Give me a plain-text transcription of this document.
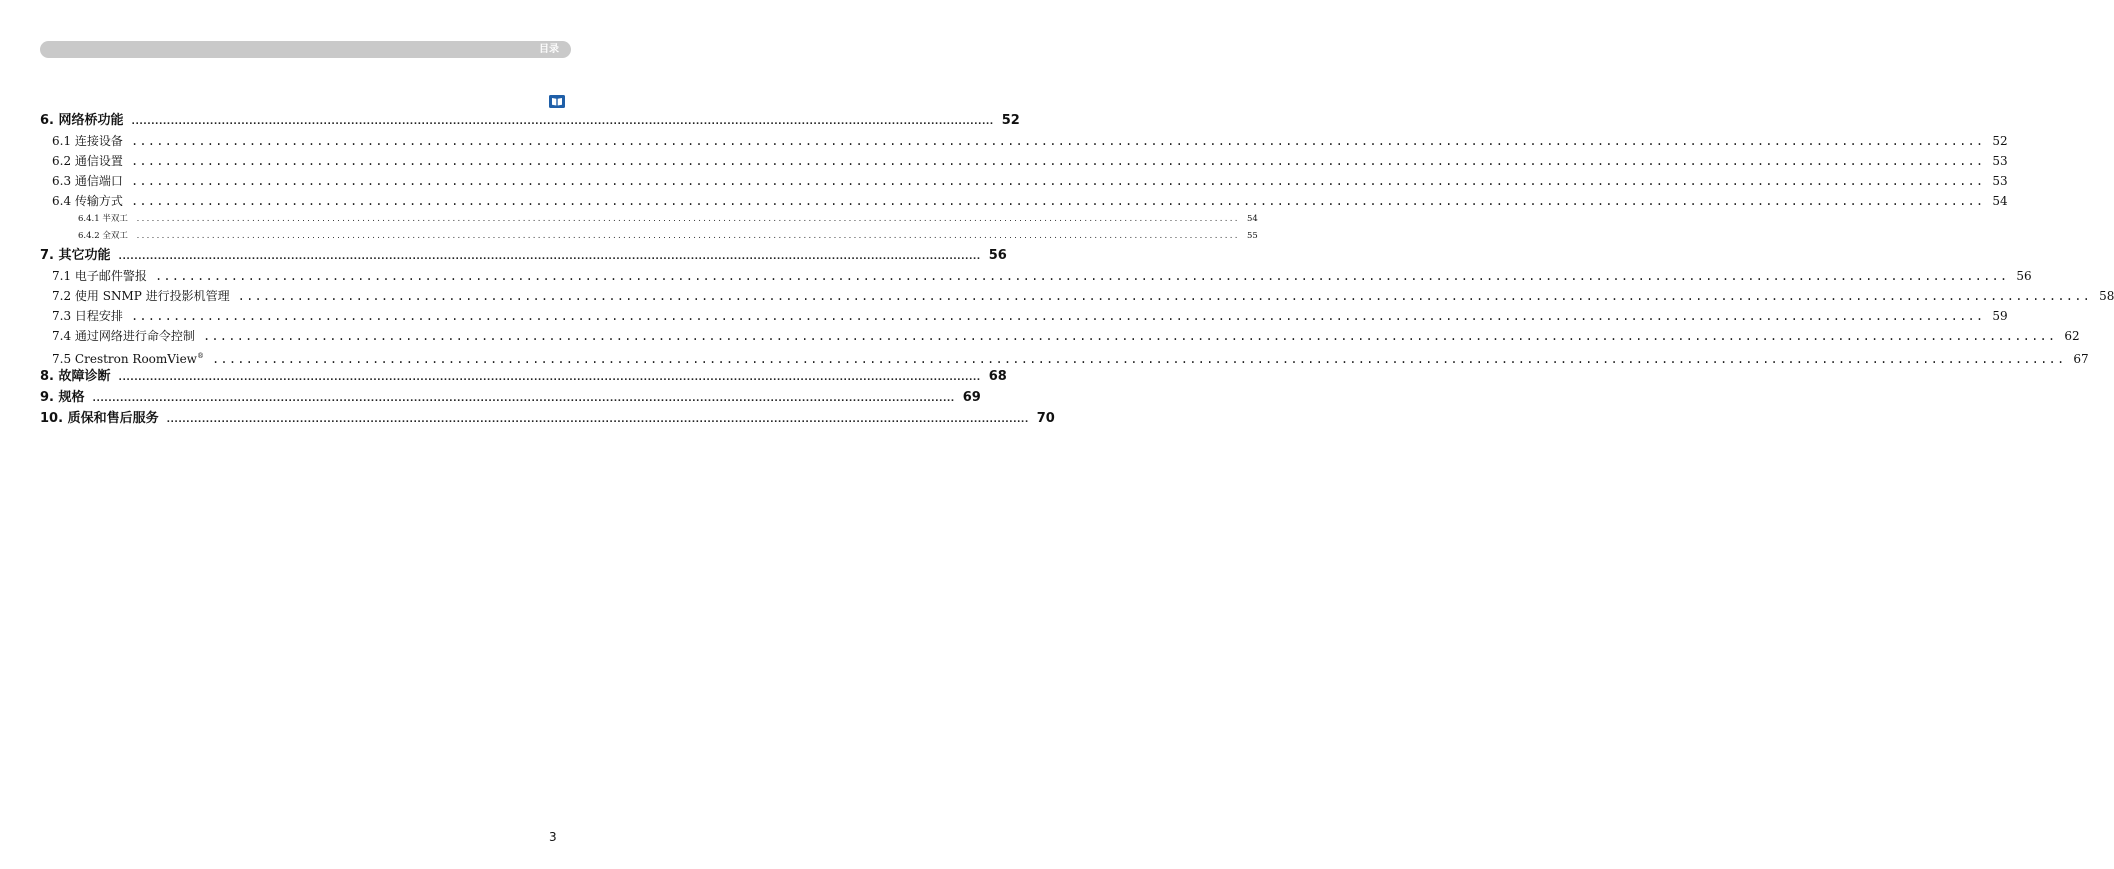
目录
6. 网络桥功能 ............................................................................................................................................................................................................................ 52
6.1 连接设备 ............................................................................................................................................................................................................................ 52
6.2 通信设置 ............................................................................................................................................................................................................................ 53
6.3 通信端口 ............................................................................................................................................................................................................................ 53
6.4 传输方式 ............................................................................................................................................................................................................................ 54
6.4.1 半双工 ............................................................................................................................................................................................................................ 54
6.4.2 全双工 ............................................................................................................................................................................................................................ 55
7. 其它功能 ............................................................................................................................................................................................................................ 56
7.1 电子邮件警报 ............................................................................................................................................................................................................................ 56
7.2 使用 SNMP 进行投影机管理 ............................................................................................................................................................................................................................ 58
7.3 日程安排 ............................................................................................................................................................................................................................ 59
7.4 通过网络进行命令控制 ............................................................................................................................................................................................................................ 62
7.5 Crestron RoomView® ............................................................................................................................................................................................................................ 67
8. 故障诊断 ............................................................................................................................................................................................................................ 68
9. 规格 ............................................................................................................................................................................................................................ 69
10. 质保和售后服务 ............................................................................................................................................................................................................................ 70
3
